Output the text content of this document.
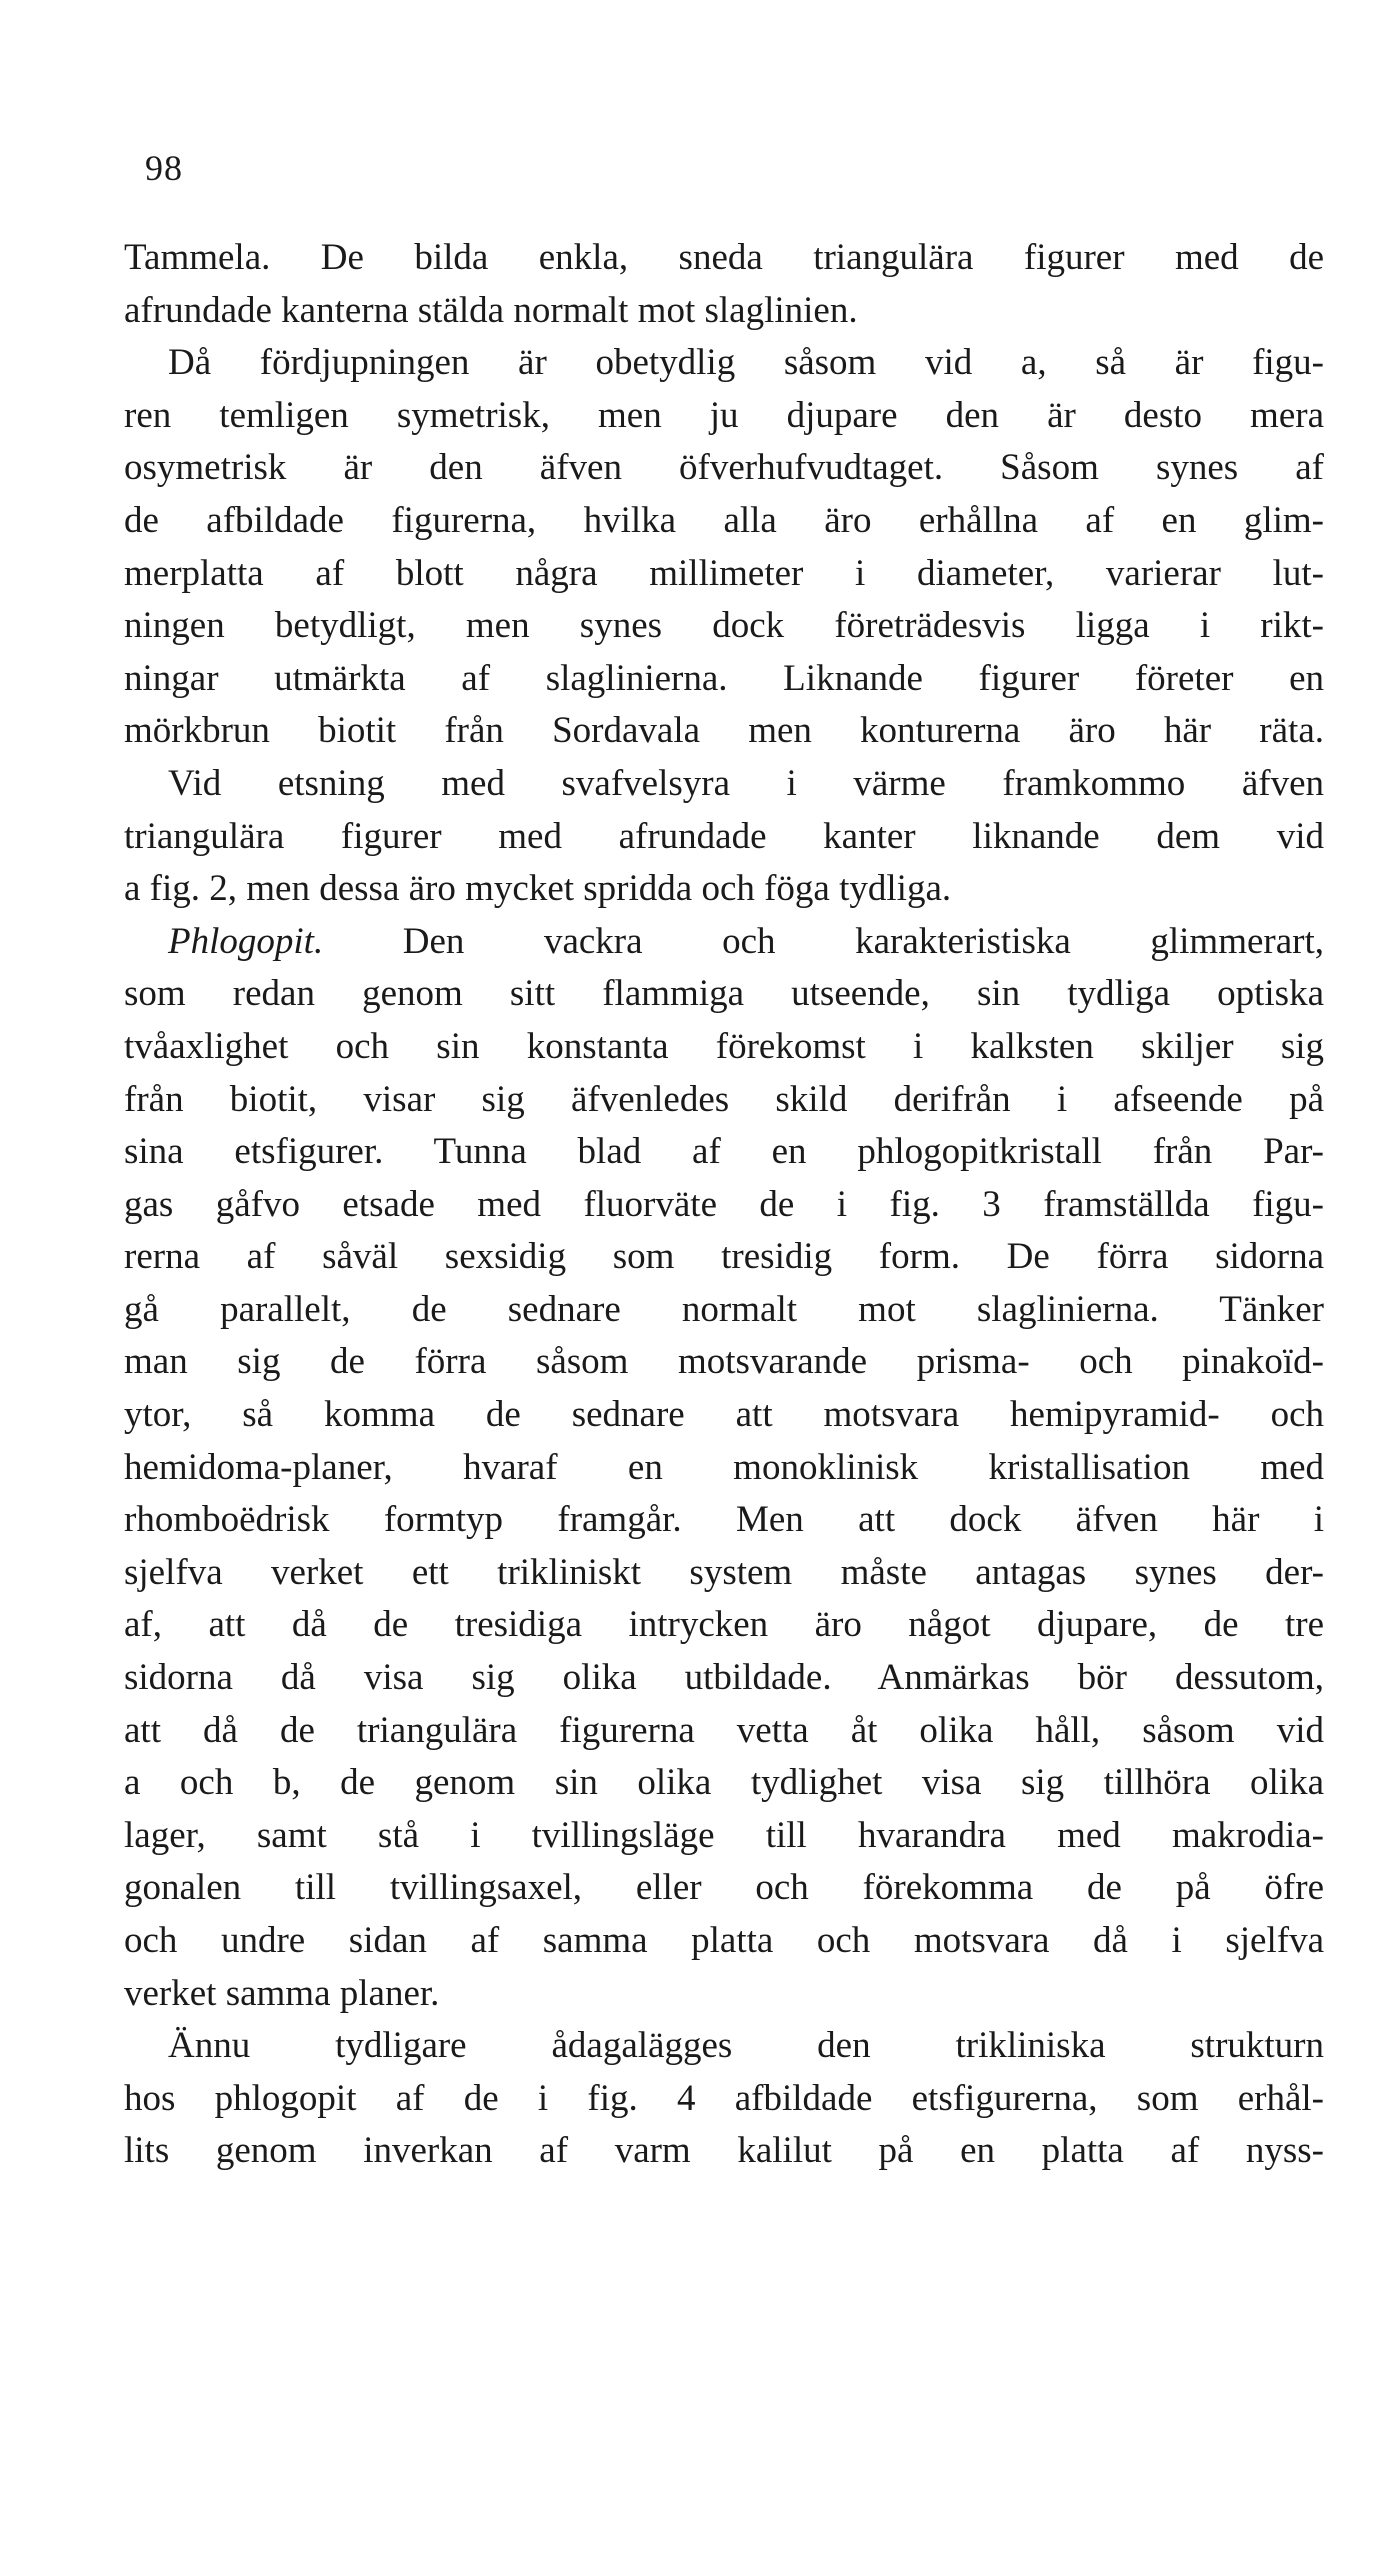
98
Tammela. De bilda enkla, sneda triangulära figurer med de
afrundade kanterna stälda normalt mot slaglinien.
Då fördjupningen är obetydlig såsom vid a, så är figu-
ren temligen symetrisk, men ju djupare den är desto mera
osymetrisk är den äfven öfverhufvudtaget. Såsom synes af
de afbildade figurerna, hvilka alla äro erhållna af en glim-
merplatta af blott några millimeter i diameter, varierar lut-
ningen betydligt, men synes dock företrädesvis ligga i rikt-
ningar utmärkta af slaglinierna. Liknande figurer företer en
mörkbrun biotit från Sordavala men konturerna äro här räta.
Vid etsning med svafvelsyra i värme framkommo äfven
triangulära figurer med afrundade kanter liknande dem vid
a fig. 2, men dessa äro mycket spridda och föga tydliga.
Phlogopit. Den vackra och karakteristiska glimmerart,
som redan genom sitt flammiga utseende, sin tydliga optiska
tvåaxlighet och sin konstanta förekomst i kalksten skiljer sig
från biotit, visar sig äfvenledes skild derifrån i afseende på
sina etsfigurer. Tunna blad af en phlogopitkristall från Par-
gas gåfvo etsade med fluorväte de i fig. 3 framställda figu-
rerna af såväl sexsidig som tresidig form. De förra sidorna
gå parallelt, de sednare normalt mot slaglinierna. Tänker
man sig de förra såsom motsvarande prisma- och pinakoïd-
ytor, så komma de sednare att motsvara hemipyramid- och
hemidoma-planer, hvaraf en monoklinisk kristallisation med
rhomboëdrisk formtyp framgår. Men att dock äfven här i
sjelfva verket ett trikliniskt system måste antagas synes der-
af, att då de tresidiga intrycken äro något djupare, de tre
sidorna då visa sig olika utbildade. Anmärkas bör dessutom,
att då de triangulära figurerna vetta åt olika håll, såsom vid
a och b, de genom sin olika tydlighet visa sig tillhöra olika
lager, samt stå i tvillingsläge till hvarandra med makrodia-
gonalen till tvillingsaxel, eller och förekomma de på öfre
och undre sidan af samma platta och motsvara då i sjelfva
verket samma planer.
Ännu tydligare ådagalägges den trikliniska strukturn
hos phlogopit af de i fig. 4 afbildade etsfigurerna, som erhål-
lits genom inverkan af varm kalilut på en platta af nyss-
